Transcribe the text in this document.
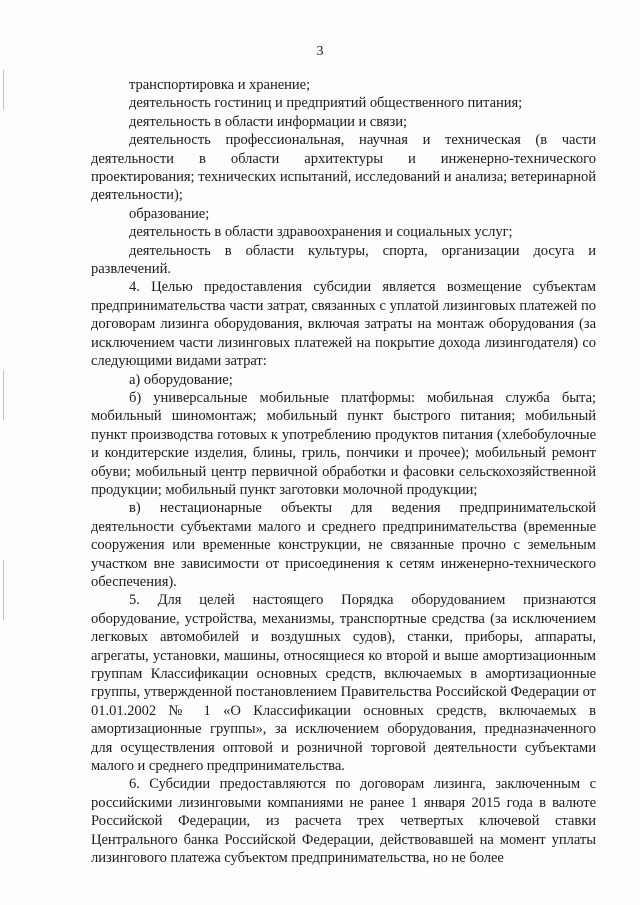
3

транспортировка и хранение;

деятельность гостиниц и предприятий общественного питания;

деятельность в области информации и связи;

деятельность профессиональная, научная и техническая (в части деятельности в области архитектуры и инженерно-технического проектирования; технических испытаний, исследований и анализа; ветеринарной деятельности);

образование;

деятельность в области здравоохранения и социальных услуг;

деятельность в области культуры, спорта, организации досуга и развлечений.

4. Целью предоставления субсидии является возмещение субъектам предпринимательства части затрат, связанных с уплатой лизинговых платежей по договорам лизинга оборудования, включая затраты на монтаж оборудования (за исключением части лизинговых платежей на покрытие дохода лизингодателя) со следующими видами затрат:

а) оборудование;

б) универсальные мобильные платформы: мобильная служба быта; мобильный шиномонтаж; мобильный пункт быстрого питания; мобильный пункт производства готовых к употреблению продуктов питания (хлебобулочные и кондитерские изделия, блины, гриль, пончики и прочее); мобильный ремонт обуви; мобильный центр первичной обработки и фасовки сельскохозяйственной продукции; мобильный пункт заготовки молочной продукции;

в) нестационарные объекты для ведения предпринимательской деятельности субъектами малого и среднего предпринимательства (временные сооружения или временные конструкции, не связанные прочно с земельным участком вне зависимости от присоединения к сетям инженерно-технического обеспечения).

5. Для целей настоящего Порядка оборудованием признаются оборудование, устройства, механизмы, транспортные средства (за исключением легковых автомобилей и воздушных судов), станки, приборы, аппараты, агрегаты, установки, машины, относящиеся ко второй и выше амортизационным группам Классификации основных средств, включаемых в амортизационные группы, утвержденной постановлением Правительства Российской Федерации от 01.01.2002 № 1 «О Классификации основных средств, включаемых в амортизационные группы», за исключением оборудования, предназначенного для осуществления оптовой и розничной торговой деятельности субъектами малого и среднего предпринимательства.

6. Субсидии предоставляются по договорам лизинга, заключенным с российскими лизинговыми компаниями не ранее 1 января 2015 года в валюте Российской Федерации, из расчета трех четвертых ключевой ставки Центрального банка Российской Федерации, действовавшей на момент уплаты лизингового платежа субъектом предпринимательства, но не более
